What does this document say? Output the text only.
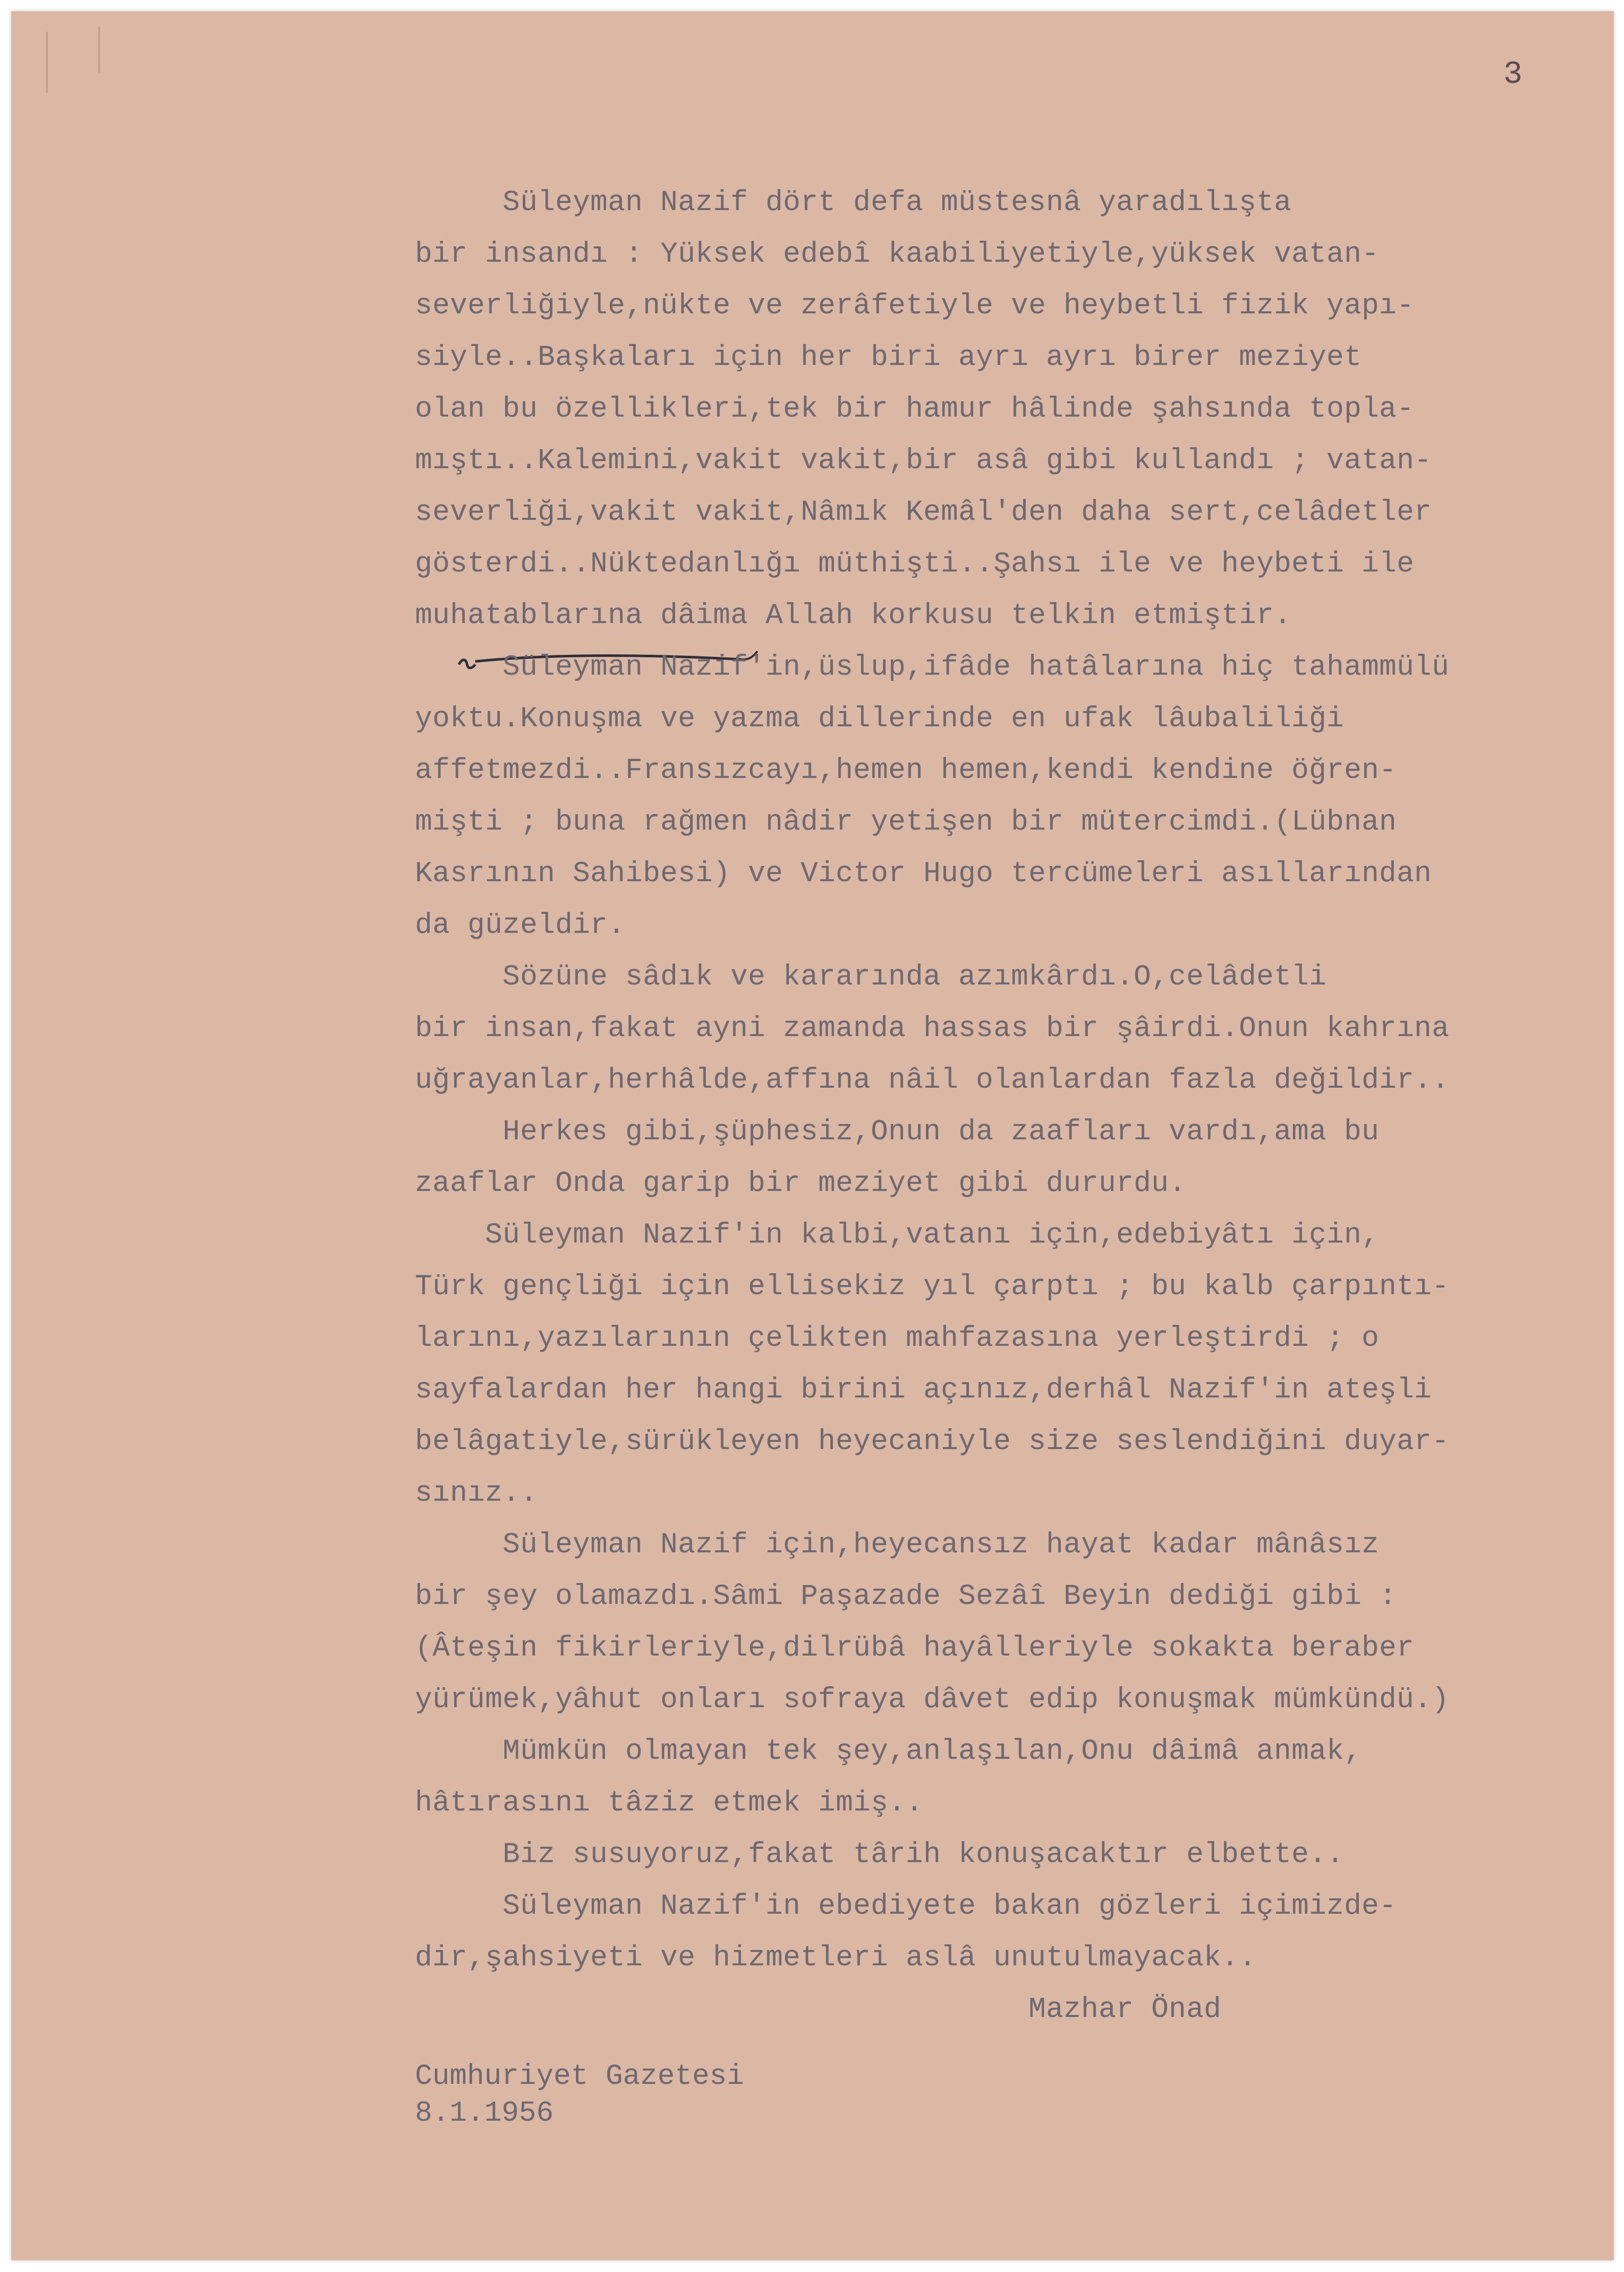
3
Süleyman Nazif dört defa müstesnâ yaradılışta
bir insandı : Yüksek edebî kaabiliyetiyle,yüksek vatan-
severliğiyle,nükte ve zerâfetiyle ve heybetli fizik yapı-
siyle..Başkaları için her biri ayrı ayrı birer meziyet
olan bu özellikleri,tek bir hamur hâlinde şahsında topla-
mıştı..Kalemini,vakit vakit,bir asâ gibi kullandı ; vatan-
severliği,vakit vakit,Nâmık Kemâl'den daha sert,celâdetler
gösterdi..Nüktedanlığı müthişti..Şahsı ile ve heybeti ile
muhatablarına dâima Allah korkusu telkin etmiştir.
Süleyman Nazif'in,üslup,ifâde hatâlarına hiç tahammülü
yoktu.Konuşma ve yazma dillerinde en ufak lâubaliliği
affetmezdi..Fransızcayı,hemen hemen,kendi kendine öğren-
mişti ; buna rağmen nâdir yetişen bir mütercimdi.(Lübnan
Kasrının Sahibesi) ve Victor Hugo tercümeleri asıllarından
da güzeldir.
Sözüne sâdık ve kararında azımkârdı.O,celâdetli
bir insan,fakat ayni zamanda hassas bir şâirdi.Onun kahrına
uğrayanlar,herhâlde,affına nâil olanlardan fazla değildir..
Herkes gibi,şüphesiz,Onun da zaafları vardı,ama bu
zaaflar Onda garip bir meziyet gibi dururdu.
Süleyman Nazif'in kalbi,vatanı için,edebiyâtı için,
Türk gençliği için ellisekiz yıl çarptı ; bu kalb çarpıntı-
larını,yazılarının çelikten mahfazasına yerleştirdi ; o
sayfalardan her hangi birini açınız,derhâl Nazif'in ateşli
belâgatiyle,sürükleyen heyecaniyle size seslendiğini duyar-
sınız..
Süleyman Nazif için,heyecansız hayat kadar mânâsız
bir şey olamazdı.Sâmi Paşazade Sezâî Beyin dediği gibi :
(Âteşin fikirleriyle,dilrübâ hayâlleriyle sokakta beraber
yürümek,yâhut onları sofraya dâvet edip konuşmak mümkündü.)
Mümkün olmayan tek şey,anlaşılan,Onu dâimâ anmak,
hâtırasını tâziz etmek imiş..
Biz susuyoruz,fakat târih konuşacaktır elbette..
Süleyman Nazif'in ebediyete bakan gözleri içimizde-
dir,şahsiyeti ve hizmetleri aslâ unutulmayacak..
Mazhar Önad
Cumhuriyet Gazetesi
8.1.1956
